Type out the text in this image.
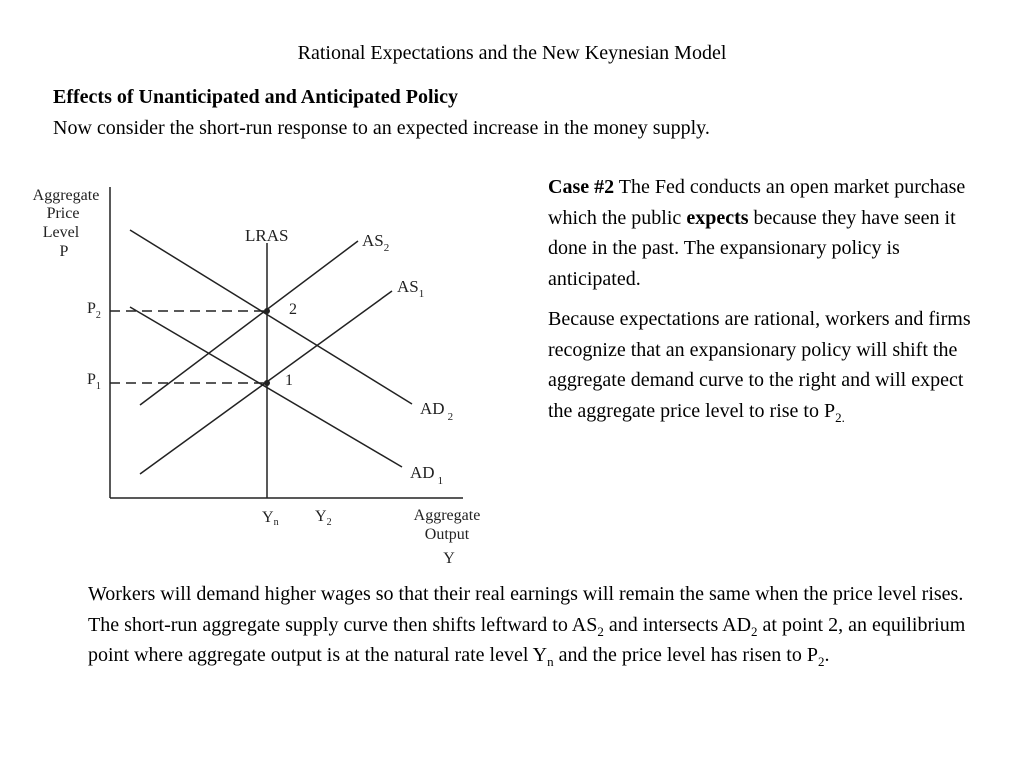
Rational Expectations and the New Keynesian Model
Effects of Unanticipated and Anticipated Policy
Now consider the short-run response to an expected increase in the money supply.
Aggregate
Price
Level
P
Aggregate
Output
Y
LRAS	$AS_2$
$AS_1$
AD $_2$
AD $_1$
2
1
$P_2$
$P_1$
Yn $Y_2$

Case #2 The Fed conducts an open market purchase which the public expects because they have seen it done in the past. The expansionary policy is anticipated.

Because expectations are rational, workers and firms recognize that an expansionary policy will shift the aggregate demand curve to the right and will expect the aggregate price level to rise to $P_{2.}$

Workers will demand higher wages so that their real earnings will remain the same when the price level rises. The short-run aggregate supply curve then shifts leftward to $AS_2$ and intersects $AD_2$ at point 2, an equilibrium point where aggregate output is at the natural rate level $Y_n$ and the price level has risen to $P_2$.
